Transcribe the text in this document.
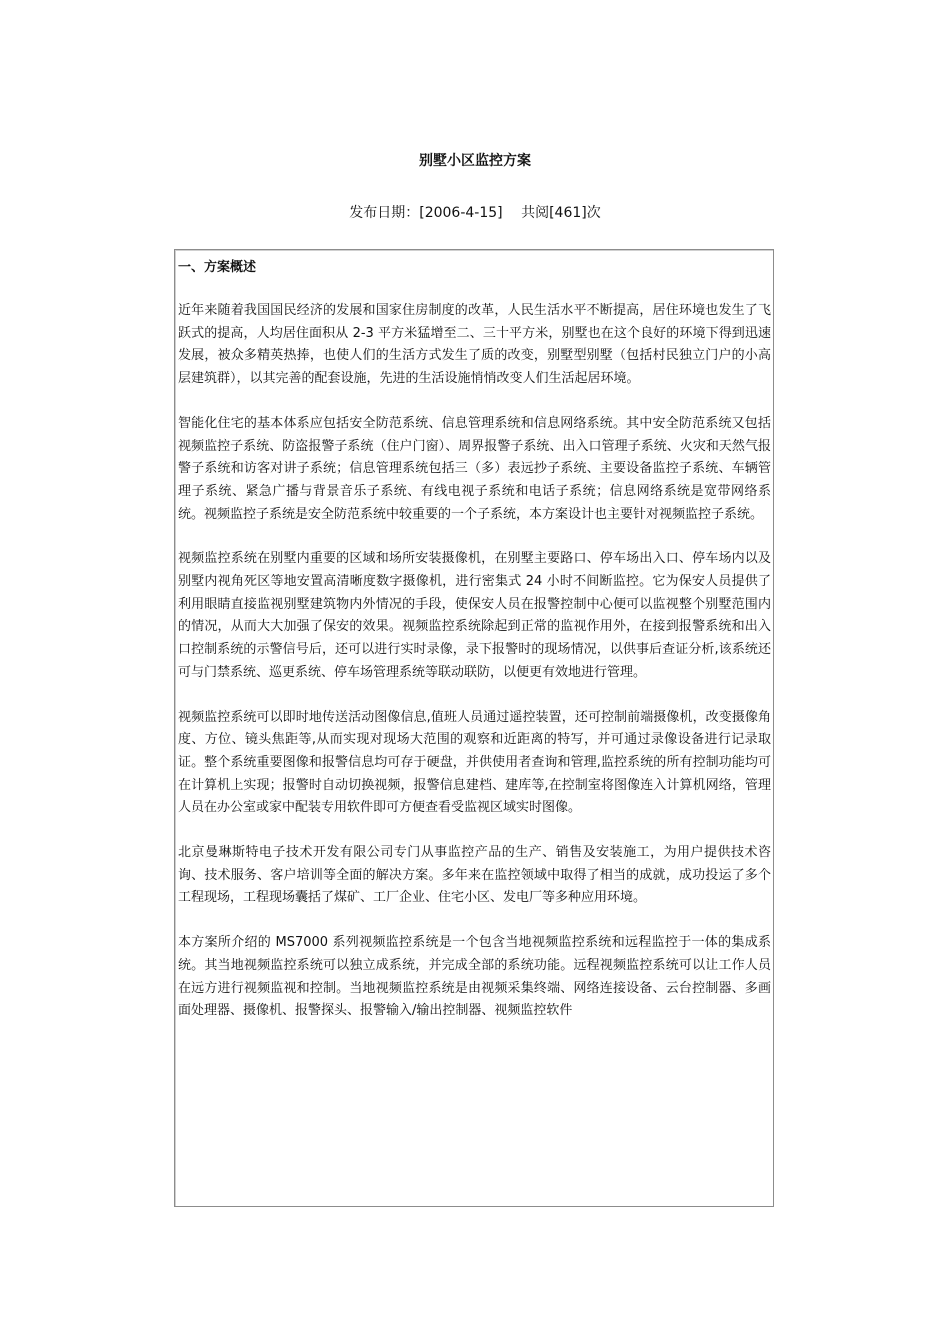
别墅小区监控方案
发布日期：[2006-4-15]　 共阅[461]次
一、方案概述

近年来随着我国国民经济的发展和国家住房制度的改革，人民生活水平不断提高，居住环境也发生了飞跃式的提高，人均居住面积从 2-3 平方米猛增至二、三十平方米，别墅也在这个良好的环境下得到迅速发展，被众多精英热捧，也使人们的生活方式发生了质的改变，别墅型别墅（包括村民独立门户的小高层建筑群），以其完善的配套设施，先进的生活设施悄悄改变人们生活起居环境。

智能化住宅的基本体系应包括安全防范系统、信息管理系统和信息网络系统。其中安全防范系统又包括视频监控子系统、防盗报警子系统（住户门窗）、周界报警子系统、出入口管理子系统、火灾和天然气报警子系统和访客对讲子系统；信息管理系统包括三（多）表远抄子系统、主要设备监控子系统、车辆管理子系统、紧急广播与背景音乐子系统、有线电视子系统和电话子系统；信息网络系统是宽带网络系统。视频监控子系统是安全防范系统中较重要的一个子系统，本方案设计也主要针对视频监控子系统。

视频监控系统在别墅内重要的区域和场所安装摄像机，在别墅主要路口、停车场出入口、停车场内以及别墅内视角死区等地安置高清晰度数字摄像机，进行密集式 24 小时不间断监控。它为保安人员提供了利用眼睛直接监视别墅建筑物内外情况的手段，使保安人员在报警控制中心便可以监视整个别墅范围内的情况，从而大大加强了保安的效果。视频监控系统除起到正常的监视作用外，在接到报警系统和出入口控制系统的示警信号后，还可以进行实时录像，录下报警时的现场情况，以供事后查证分析,该系统还可与门禁系统、巡更系统、停车场管理系统等联动联防，以便更有效地进行管理。

视频监控系统可以即时地传送活动图像信息,值班人员通过遥控装置，还可控制前端摄像机，改变摄像角度、方位、镜头焦距等,从而实现对现场大范围的观察和近距离的特写，并可通过录像设备进行记录取证。整个系统重要图像和报警信息均可存于硬盘，并供使用者查询和管理,监控系统的所有控制功能均可在计算机上实现；报警时自动切换视频，报警信息建档、建库等,在控制室将图像连入计算机网络，管理人员在办公室或家中配装专用软件即可方便查看受监视区域实时图像。

北京曼琳斯特电子技术开发有限公司专门从事监控产品的生产、销售及安装施工，为用户提供技术咨询、技术服务、客户培训等全面的解决方案。多年来在监控领域中取得了相当的成就，成功投运了多个工程现场，工程现场囊括了煤矿、工厂企业、住宅小区、发电厂等多种应用环境。

本方案所介绍的 MS7000 系列视频监控系统是一个包含当地视频监控系统和远程监控于一体的集成系统。其当地视频监控系统可以独立成系统，并完成全部的系统功能。远程视频监控系统可以让工作人员在远方进行视频监视和控制。当地视频监控系统是由视频采集终端、网络连接设备、云台控制器、多画面处理器、摄像机、报警探头、报警输入/输出控制器、视频监控软件
